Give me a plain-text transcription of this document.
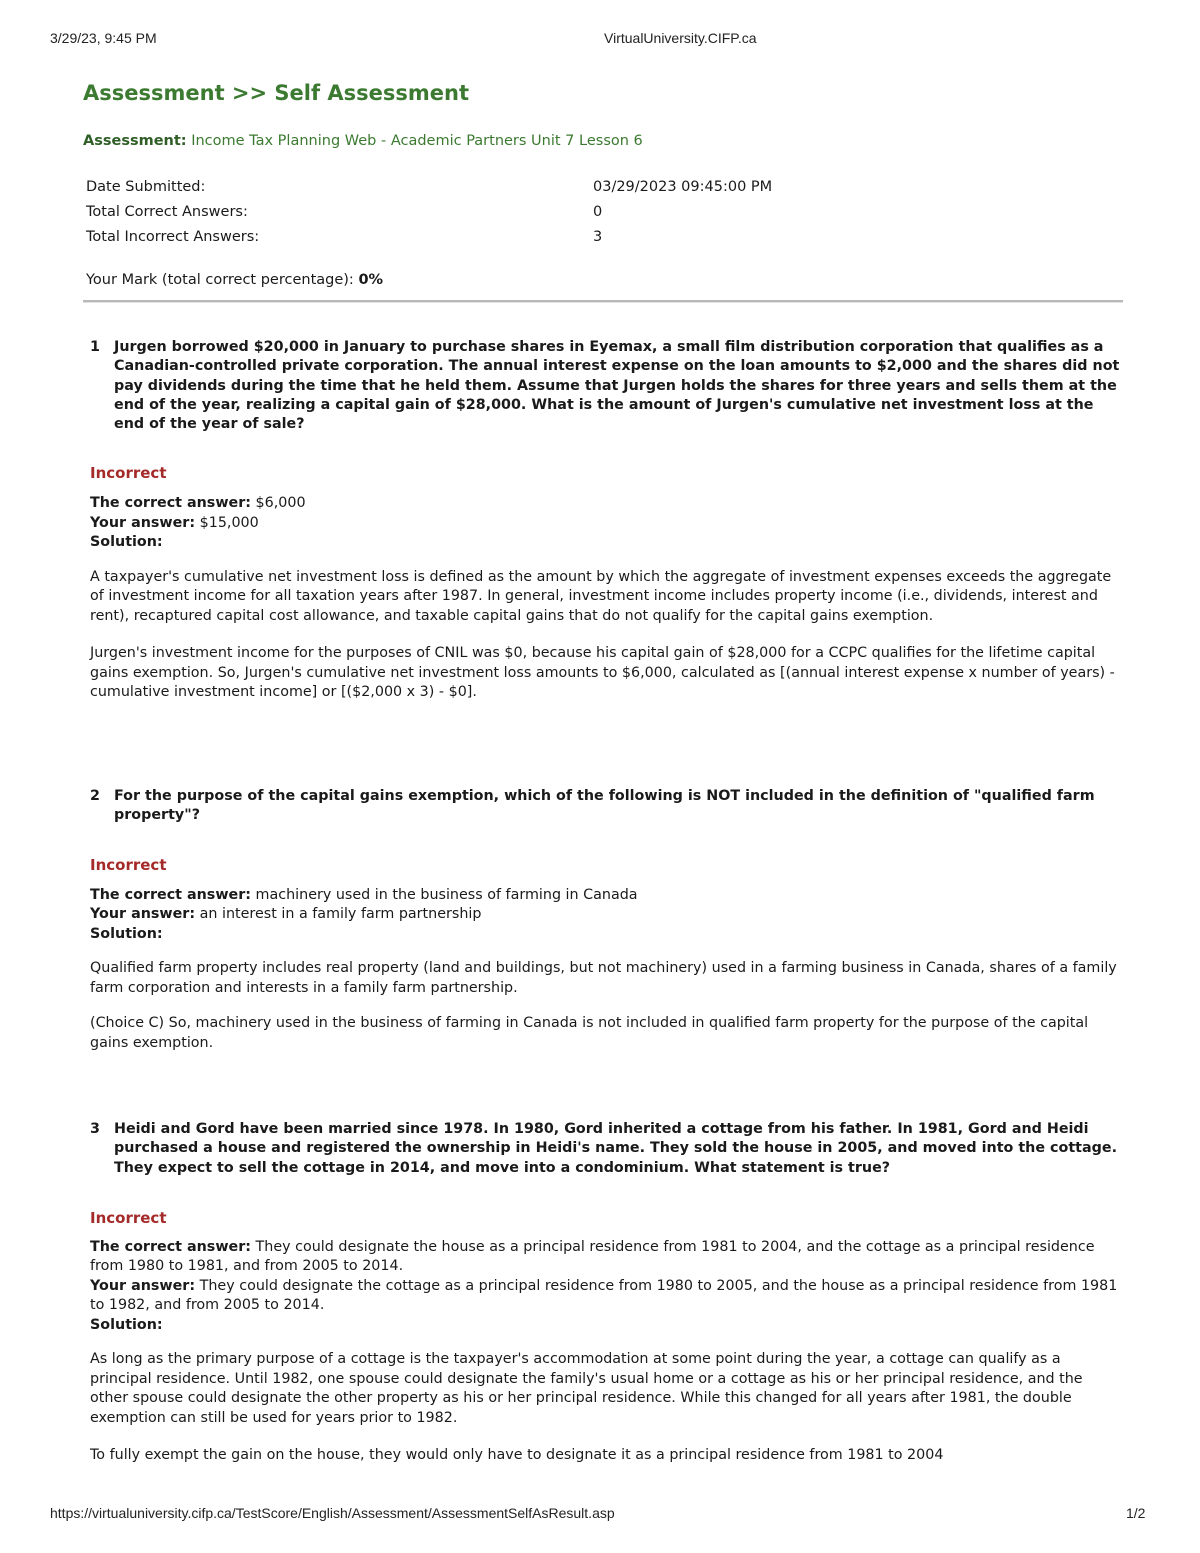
3/29/23, 9:45 PM	VirtualUniversity.CIFP.ca
Assessment >> Self Assessment
Assessment: Income Tax Planning Web - Academic Partners Unit 7 Lesson 6
Date Submitted:	03/29/2023 09:45:00 PM
Total Correct Answers:	0
Total Incorrect Answers:	3
Your Mark (total correct percentage): 0%
1 Jurgen borrowed $20,000 in January to purchase shares in Eyemax, a small film distribution corporation that qualifies as a Canadian-controlled private corporation. The annual interest expense on the loan amounts to $2,000 and the shares did not pay dividends during the time that he held them. Assume that Jurgen holds the shares for three years and sells them at the end of the year, realizing a capital gain of $28,000. What is the amount of Jurgen's cumulative net investment loss at the end of the year of sale?
Incorrect
The correct answer: $6,000
Your answer: $15,000
Solution:

A taxpayer's cumulative net investment loss is defined as the amount by which the aggregate of investment expenses exceeds the aggregate of investment income for all taxation years after 1987. In general, investment income includes property income (i.e., dividends, interest and rent), recaptured capital cost allowance, and taxable capital gains that do not qualify for the capital gains exemption.

Jurgen's investment income for the purposes of CNIL was $0, because his capital gain of $28,000 for a CCPC qualifies for the lifetime capital gains exemption. So, Jurgen's cumulative net investment loss amounts to $6,000, calculated as [(annual interest expense x number of years) - cumulative investment income] or [($2,000 x 3) - $0].

2 For the purpose of the capital gains exemption, which of the following is NOT included in the definition of "qualified farm property"?
Incorrect
The correct answer: machinery used in the business of farming in Canada
Your answer: an interest in a family farm partnership
Solution:

Qualified farm property includes real property (land and buildings, but not machinery) used in a farming business in Canada, shares of a family farm corporation and interests in a family farm partnership.

(Choice C) So, machinery used in the business of farming in Canada is not included in qualified farm property for the purpose of the capital gains exemption.

3 Heidi and Gord have been married since 1978. In 1980, Gord inherited a cottage from his father. In 1981, Gord and Heidi purchased a house and registered the ownership in Heidi's name. They sold the house in 2005, and moved into the cottage. They expect to sell the cottage in 2014, and move into a condominium. What statement is true?
Incorrect
The correct answer: They could designate the house as a principal residence from 1981 to 2004, and the cottage as a principal residence from 1980 to 1981, and from 2005 to 2014.
Your answer: They could designate the cottage as a principal residence from 1980 to 2005, and the house as a principal residence from 1981 to 1982, and from 2005 to 2014.
Solution:

As long as the primary purpose of a cottage is the taxpayer's accommodation at some point during the year, a cottage can qualify as a principal residence. Until 1982, one spouse could designate the family's usual home or a cottage as his or her principal residence, and the other spouse could designate the other property as his or her principal residence. While this changed for all years after 1981, the double exemption can still be used for years prior to 1982.

To fully exempt the gain on the house, they would only have to designate it as a principal residence from 1981 to 2004

https://virtualuniversity.cifp.ca/TestScore/English/Assessment/AssessmentSelfAsResult.asp	1/2
